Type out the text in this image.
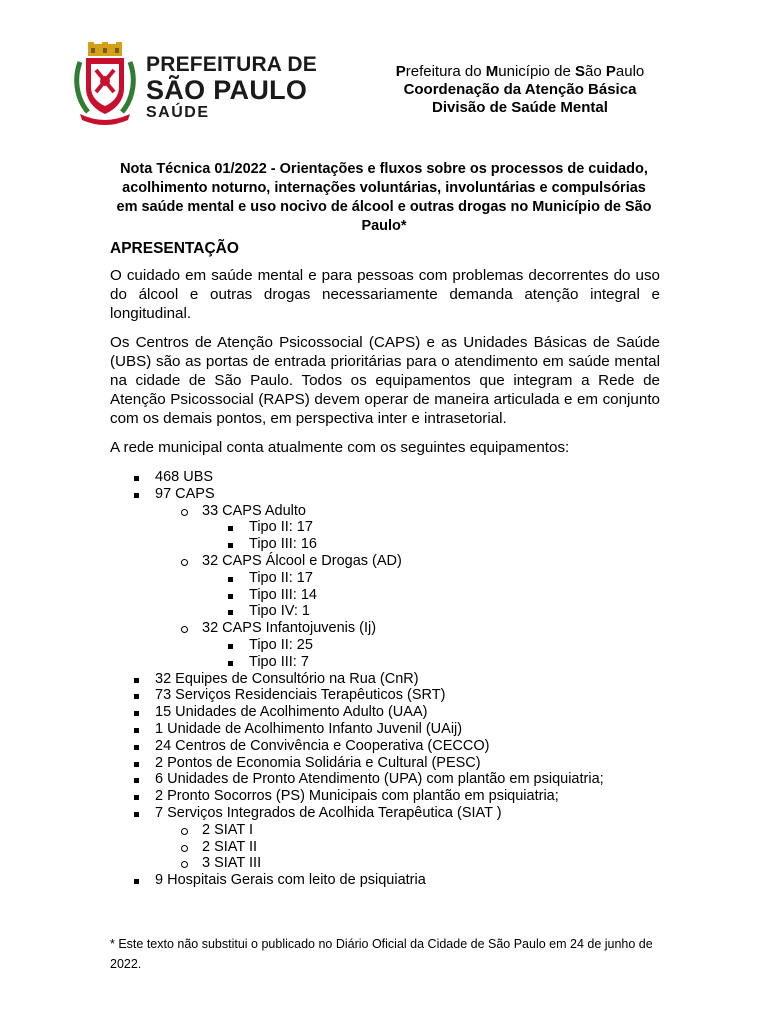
PREFEITURA DE
SÃO PAULO
SAÚDE
Prefeitura do Município de São Paulo
Coordenação da Atenção Básica
Divisão de Saúde Mental
Nota Técnica 01/2022 - Orientações e fluxos sobre os processos de cuidado, acolhimento noturno, internações voluntárias, involuntárias e compulsórias em saúde mental e uso nocivo de álcool e outras drogas no Município de São Paulo*
APRESENTAÇÃO

O cuidado em saúde mental e para pessoas com problemas decorrentes do uso do álcool e outras drogas necessariamente demanda atenção integral e longitudinal.

Os Centros de Atenção Psicossocial (CAPS) e as Unidades Básicas de Saúde (UBS) são as portas de entrada prioritárias para o atendimento em saúde mental na cidade de São Paulo. Todos os equipamentos que integram a Rede de Atenção Psicossocial (RAPS) devem operar de maneira articulada e em conjunto com os demais pontos, em perspectiva inter e intrasetorial.

A rede municipal conta atualmente com os seguintes equipamentos:

468 UBS
97 CAPS
33 CAPS Adulto
Tipo II: 17
Tipo III: 16
32 CAPS Álcool e Drogas (AD)
Tipo II: 17
Tipo III: 14
Tipo IV: 1
32 CAPS Infantojuvenis (Ij)
Tipo II: 25
Tipo III: 7
32 Equipes de Consultório na Rua (CnR)
73 Serviços Residenciais Terapêuticos (SRT)
15 Unidades de Acolhimento Adulto (UAA)
1 Unidade de Acolhimento Infanto Juvenil (UAij)
24 Centros de Convivência e Cooperativa (CECCO)
2 Pontos de Economia Solidária e Cultural (PESC)
6 Unidades de Pronto Atendimento (UPA) com plantão em psiquiatria;
2 Pronto Socorros (PS) Municipais com plantão em psiquiatria;
7 Serviços Integrados de Acolhida Terapêutica (SIAT )
2 SIAT I
2 SIAT II
3 SIAT III
9 Hospitais Gerais com leito de psiquiatria
* Este texto não substitui o publicado no Diário Oficial da Cidade de São Paulo em 24 de junho de 2022.
